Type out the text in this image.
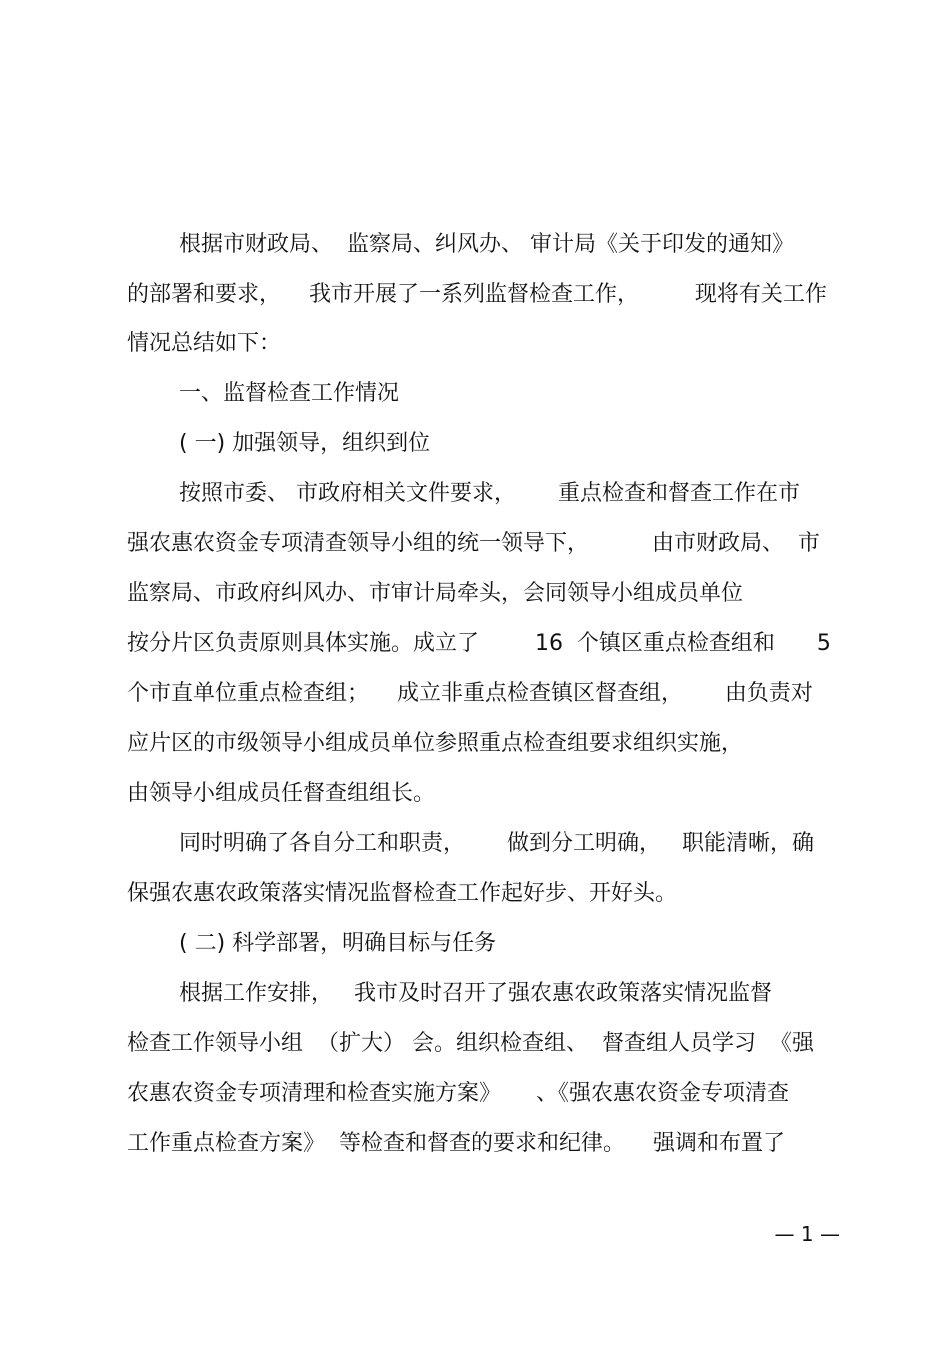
根据市财政局、  监察局、纠风办、 审计局《关于印发的通知》
的部署和要求，    我市开展了一系列监督检查工作，        现将有关工作
情况总结如下：
一、监督检查工作情况
( 一) 加强领导，组织到位
按照市委、 市政府相关文件要求，      重点检查和督查工作在市
强农惠农资金专项清查领导小组的统一领导下，         由市财政局、  市
监察局、市政府纠风办、市审计局牵头，会同领导小组成员单位
按分片区负责原则具体实施。成立了        16  个镇区重点检查组和      5
个市直单位重点检查组；    成立非重点检查镇区督查组，      由负责对
应片区的市级领导小组成员单位参照重点检查组要求组织实施，
由领导小组成员任督查组组长。
同时明确了各自分工和职责，      做到分工明确，   职能清晰，确
保强农惠农政策落实情况监督检查工作起好步、开好头。
( 二) 科学部署，明确目标与任务
根据工作安排，   我市及时召开了强农惠农政策落实情况监督
检查工作领导小组  （扩大） 会。组织检查组、  督查组人员学习  《强
农惠农资金专项清理和检查实施方案》     、《强农惠农资金专项清查
工作重点检查方案》  等检查和督查的要求和纪律。    强调和布置了
— 1 —
